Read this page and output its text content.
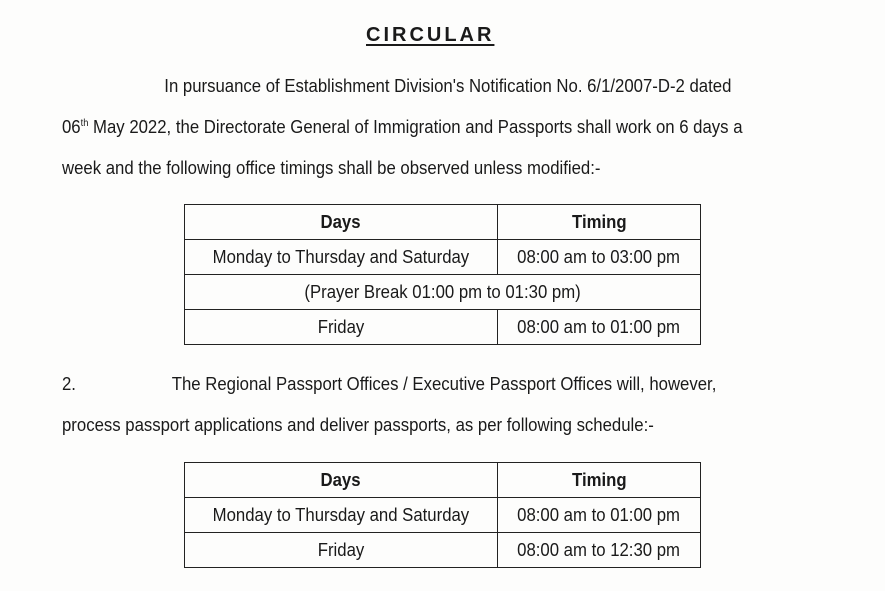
CIRCULAR
In pursuance of Establishment Division's Notification No. 6/1/2007-D-2 dated
06th May 2022, the Directorate General of Immigration and Passports shall work on 6 days a
week and the following office timings shall be observed unless modified:-
Days	Timing
Monday to Thursday and Saturday	08:00 am to 03:00 pm
(Prayer Break 01:00 pm to 01:30 pm)	
Friday	08:00 am to 01:00 pm
2.	The Regional Passport Offices / Executive Passport Offices will, however,
process passport applications and deliver passports, as per following schedule:-
Days	Timing
Monday to Thursday and Saturday	08:00 am to 01:00 pm
Friday	08:00 am to 12:30 pm
